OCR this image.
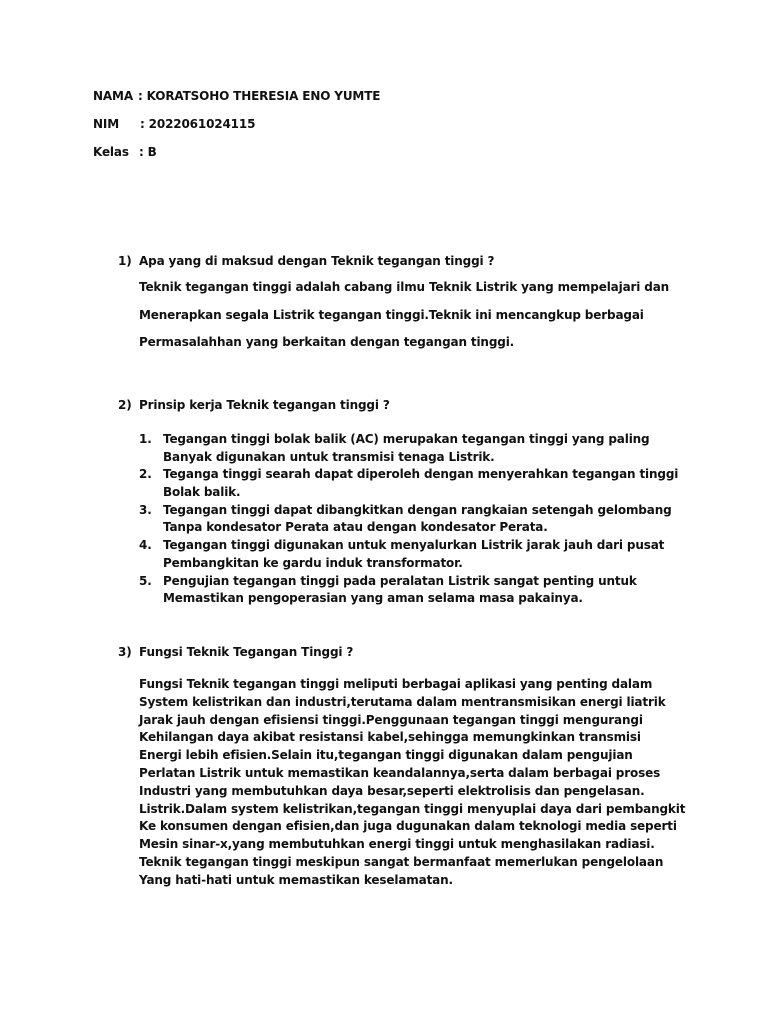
NAMA : KORATSOHO THERESIA ENO YUMTE
NIM : 2022061024115
Kelas : B
1) Apa yang di maksud dengan Teknik tegangan tinggi ?
Teknik tegangan tinggi adalah cabang ilmu Teknik Listrik yang mempelajari dan
Menerapkan segala Listrik tegangan tinggi.Teknik ini mencangkup berbagai
Permasalahhan yang berkaitan dengan tegangan tinggi.
2) Prinsip kerja Teknik tegangan tinggi ?
1. Tegangan tinggi bolak balik (AC) merupakan tegangan tinggi yang paling
Banyak digunakan untuk transmisi tenaga Listrik.
2. Teganga tinggi searah dapat diperoleh dengan menyerahkan tegangan tinggi
Bolak balik.
3. Tegangan tinggi dapat dibangkitkan dengan rangkaian setengah gelombang
Tanpa kondesator Perata atau dengan kondesator Perata.
4. Tegangan tinggi digunakan untuk menyalurkan Listrik jarak jauh dari pusat
Pembangkitan ke gardu induk transformator.
5. Pengujian tegangan tinggi pada peralatan Listrik sangat penting untuk
Memastikan pengoperasian yang aman selama masa pakainya.
3) Fungsi Teknik Tegangan Tinggi ?
Fungsi Teknik tegangan tinggi meliputi berbagai aplikasi yang penting dalam
System kelistrikan dan industri,terutama dalam mentransmisikan energi liatrik
Jarak jauh dengan efisiensi tinggi.Penggunaan tegangan tinggi mengurangi
Kehilangan daya akibat resistansi kabel,sehingga memungkinkan transmisi
Energi lebih efisien.Selain itu,tegangan tinggi digunakan dalam pengujian
Perlatan Listrik untuk memastikan keandalannya,serta dalam berbagai proses
Industri yang membutuhkan daya besar,seperti elektrolisis dan pengelasan.
Listrik.Dalam system kelistrikan,tegangan tinggi menyuplai daya dari pembangkit
Ke konsumen dengan efisien,dan juga dugunakan dalam teknologi media seperti
Mesin sinar-x,yang membutuhkan energi tinggi untuk menghasilakan radiasi.
Teknik tegangan tinggi meskipun sangat bermanfaat memerlukan pengelolaan
Yang hati-hati untuk memastikan keselamatan.
